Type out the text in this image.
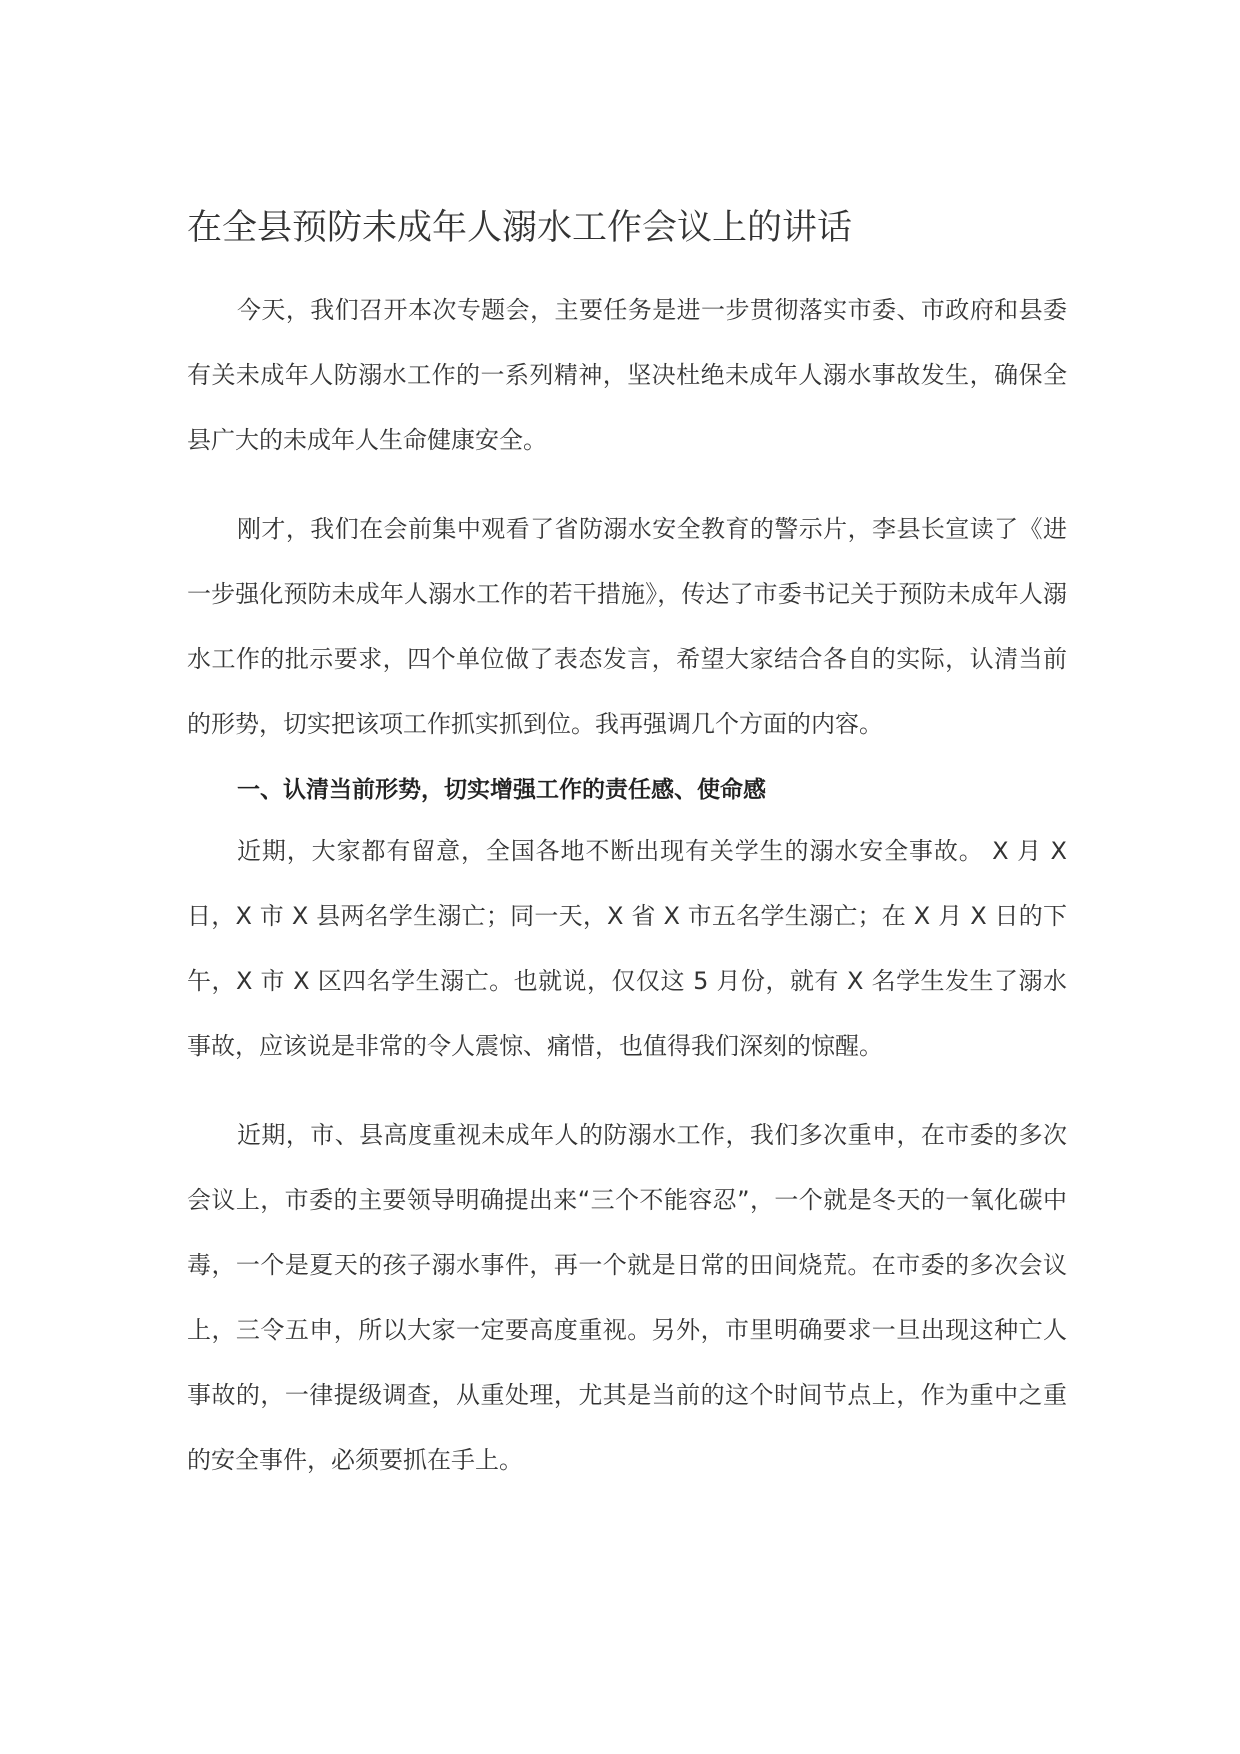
在全县预防未成年人溺水工作会议上的讲话

今天，我们召开本次专题会，主要任务是进一步贯彻落实市委、市政府和县委有关未成年人防溺水工作的一系列精神，坚决杜绝未成年人溺水事故发生，确保全县广大的未成年人生命健康安全。

刚才，我们在会前集中观看了省防溺水安全教育的警示片，李县长宣读了《进一步强化预防未成年人溺水工作的若干措施》，传达了市委书记关于预防未成年人溺水工作的批示要求，四个单位做了表态发言，希望大家结合各自的实际，认清当前的形势，切实把该项工作抓实抓到位。我再强调几个方面的内容。

一、认清当前形势，切实增强工作的责任感、使命感

近期，大家都有留意，全国各地不断出现有关学生的溺水安全事故。 X 月 X 日，X 市 X 县两名学生溺亡；同一天，X 省 X 市五名学生溺亡；在 X 月 X 日的下午，X 市 X 区四名学生溺亡。也就说，仅仅这 5 月份，就有 X 名学生发生了溺水事故，应该说是非常的令人震惊、痛惜，也值得我们深刻的惊醒。

近期，市、县高度重视未成年人的防溺水工作，我们多次重申，在市委的多次会议上，市委的主要领导明确提出来“三个不能容忍”，一个就是冬天的一氧化碳中毒，一个是夏天的孩子溺水事件，再一个就是日常的田间烧荒。在市委的多次会议上，三令五申，所以大家一定要高度重视。另外，市里明确要求一旦出现这种亡人事故的，一律提级调查，从重处理，尤其是当前的这个时间节点上，作为重中之重的安全事件，必须要抓在手上。
